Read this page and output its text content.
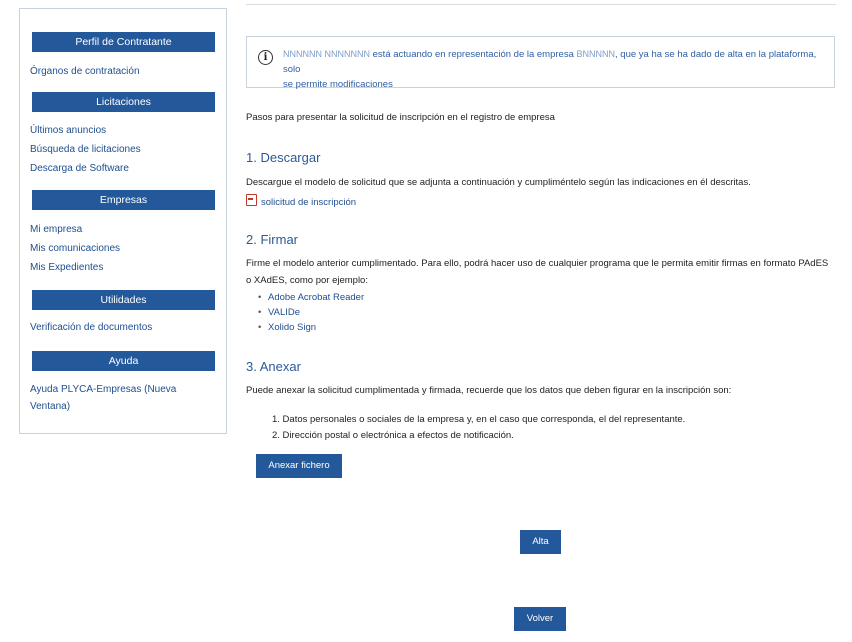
Perfil de Contratante
Órganos de contratación
Licitaciones
Últimos anuncios
Búsqueda de licitaciones
Descarga de Software
Empresas
Mi empresa
Mis comunicaciones
Mis Expedientes
Utilidades
Verificación de documentos
Ayuda
Ayuda PLYCA-Empresas (Nueva
Ventana)
i	NNNNNN NNNNNNN está actuando en representación de la empresa BNNNNN, que ya ha se ha dado de alta en la plataforma, solo
se permite modificaciones
Pasos para presentar la solicitud de inscripción en el registro de empresa
1. Descargar
Descargue el modelo de solicitud que se adjunta a continuación y cumpliméntelo según las indicaciones en él descritas.
solicitud de inscripción
2. Firmar
Firme el modelo anterior cumplimentado. Para ello, podrá hacer uso de cualquier programa que le permita emitir firmas en formato PAdES
o XAdES, como por ejemplo:
• Adobe Acrobat Reader
• VALIDe
• Xolido Sign
3. Anexar
Puede anexar la solicitud cumplimentada y firmada, recuerde que los datos que deben figurar en la inscripción son:
1. Datos personales o sociales de la empresa y, en el caso que corresponda, el del representante.
2. Dirección postal o electrónica a efectos de notificación.
Anexar fichero
Alta
Volver
